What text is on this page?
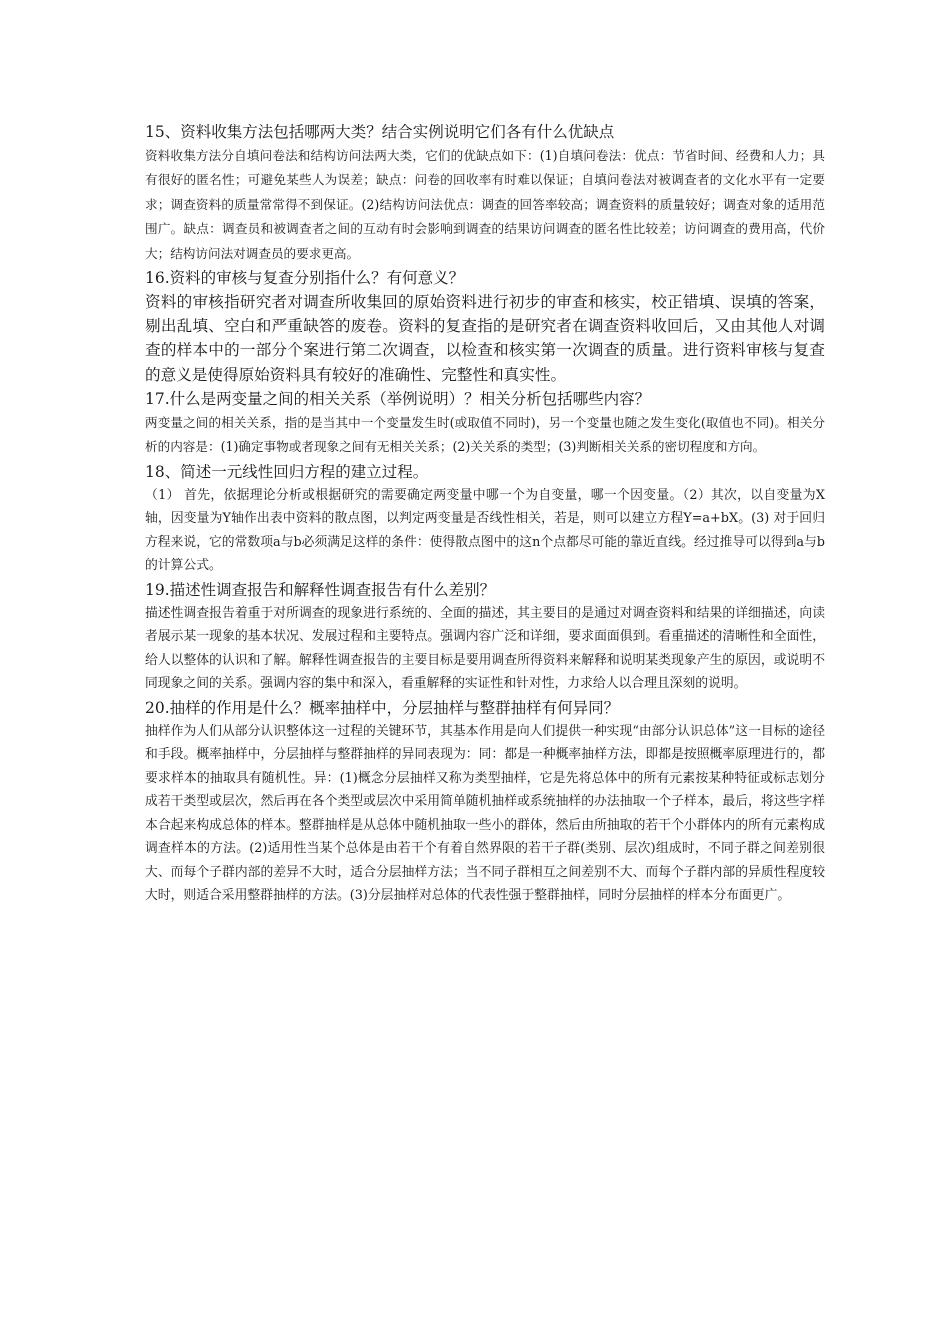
15、资料收集方法包括哪两大类？结合实例说明它们各有什么优缺点

资料收集方法分自填问卷法和结构访问法两大类，它们的优缺点如下：(1)自填问卷法：优点：节省时间、经费和人力；具有很好的匿名性；可避免某些人为误差；缺点：问卷的回收率有时难以保证；自填问卷法对被调查者的文化水平有一定要求；调查资料的质量常常得不到保证。(2)结构访问法优点：调查的回答率较高；调查资料的质量较好；调查对象的适用范围广。缺点：调查员和被调查者之间的互动有时会影响到调查的结果访问调查的匿名性比较差；访问调查的费用高，代价大；结构访问法对调查员的要求更高。

16.资料的审核与复查分别指什么？有何意义？

资料的审核指研究者对调查所收集回的原始资料进行初步的审查和核实，校正错填、误填的答案，剔出乱填、空白和严重缺答的废卷。资料的复查指的是研究者在调查资料收回后，又由其他人对调查的样本中的一部分个案进行第二次调查，以检查和核实第一次调查的质量。进行资料审核与复查的意义是使得原始资料具有较好的准确性、完整性和真实性。

17.什么是两变量之间的相关关系（举例说明）？相关分析包括哪些内容？

两变量之间的相关关系，指的是当其中一个变量发生时(或取值不同时)，另一个变量也随之发生变化(取值也不同)。相关分析的内容是：(1)确定事物或者现象之间有无相关关系；(2)关关系的类型；(3)判断相关关系的密切程度和方向。

18、简述一元线性回归方程的建立过程。

（1） 首先，依据理论分析或根据研究的需要确定两变量中哪一个为自变量，哪一个因变量。（2）其次，以自变量为X轴，因变量为Y轴作出表中资料的散点图，以判定两变量是否线性相关，若是，则可以建立方程Y=a+bX。(3) 对于回归方程来说，它的常数项a与b必须满足这样的条件：使得散点图中的这n个点都尽可能的靠近直线。经过推导可以得到a与b的计算公式。

19.描述性调查报告和解释性调查报告有什么差别？

描述性调查报告着重于对所调查的现象进行系统的、全面的描述，其主要目的是通过对调查资料和结果的详细描述，向读者展示某一现象的基本状况、发展过程和主要特点。强调内容广泛和详细，要求面面俱到。看重描述的清晰性和全面性，给人以整体的认识和了解。解释性调查报告的主要目标是要用调查所得资料来解释和说明某类现象产生的原因，或说明不同现象之间的关系。强调内容的集中和深入，看重解释的实证性和针对性，力求给人以合理且深刻的说明。

20.抽样的作用是什么？概率抽样中，分层抽样与整群抽样有何异同？

抽样作为人们从部分认识整体这一过程的关键环节，其基本作用是向人们提供一种实现“由部分认识总体”这一目标的途径和手段。概率抽样中，分层抽样与整群抽样的异同表现为：同：都是一种概率抽样方法，即都是按照概率原理进行的，都要求样本的抽取具有随机性。异：(1)概念分层抽样又称为类型抽样，它是先将总体中的所有元素按某种特征或标志划分成若干类型或层次，然后再在各个类型或层次中采用简单随机抽样或系统抽样的办法抽取一个子样本，最后，将这些字样本合起来构成总体的样本。整群抽样是从总体中随机抽取一些小的群体，然后由所抽取的若干个小群体内的所有元素构成调查样本的方法。(2)适用性当某个总体是由若干个有着自然界限的若干子群(类别、层次)组成时，不同子群之间差别很大、而每个子群内部的差异不大时，适合分层抽样方法；当不同子群相互之间差别不大、而每个子群内部的异质性程度较大时，则适合采用整群抽样的方法。(3)分层抽样对总体的代表性强于整群抽样，同时分层抽样的样本分布面更广。
